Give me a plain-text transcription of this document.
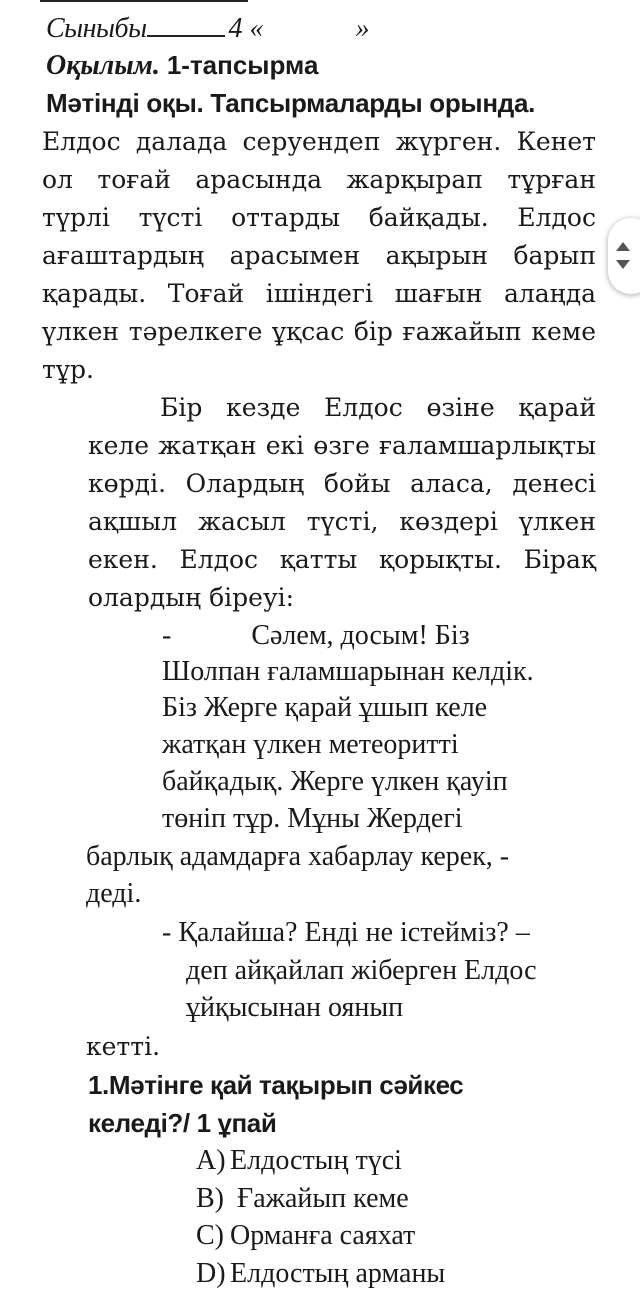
Сыныбы	4 «	»
Оқылым. 1-тапсырма
Мәтінді оқы. Тапсырмаларды орында.
Елдос далада серуендеп жүрген. Кенет
ол тоғай арасында жарқырап тұрған
түрлі түсті оттарды байқады. Елдос
ағаштардың арасымен ақырын барып
қарады. Тоғай ішіндегі шағын алаңда
үлкен тәрелкеге ұқсас бір ғажайып кеме
тұр.
Бір кезде Елдос өзіне қарай
келе жатқан екі өзге ғаламшарлықты
көрді. Олардың бойы аласа, денесі
ақшыл жасыл түсті, көздері үлкен
екен. Елдос қатты қорықты. Бірақ
олардың біреуі:
-	Сәлем, досым! Біз
Шолпан ғаламшарынан келдік.
Біз Жерге қарай ұшып келе
жатқан үлкен метеоритті
байқадық. Жерге үлкен қауіп
төніп тұр. Мұны Жердегі
барлық адамдарға хабарлау керек, -
деді.
- Қалайша? Енді не істейміз? –
деп айқайлап жіберген Елдос
ұйқысынан оянып
кетті.
1.Мәтінге қай тақырып сәйкес
келеді?/ 1 ұпай
A) Елдостың түсі
B) Ғажайып кеме
C) Орманға саяхат
D) Елдостың арманы
